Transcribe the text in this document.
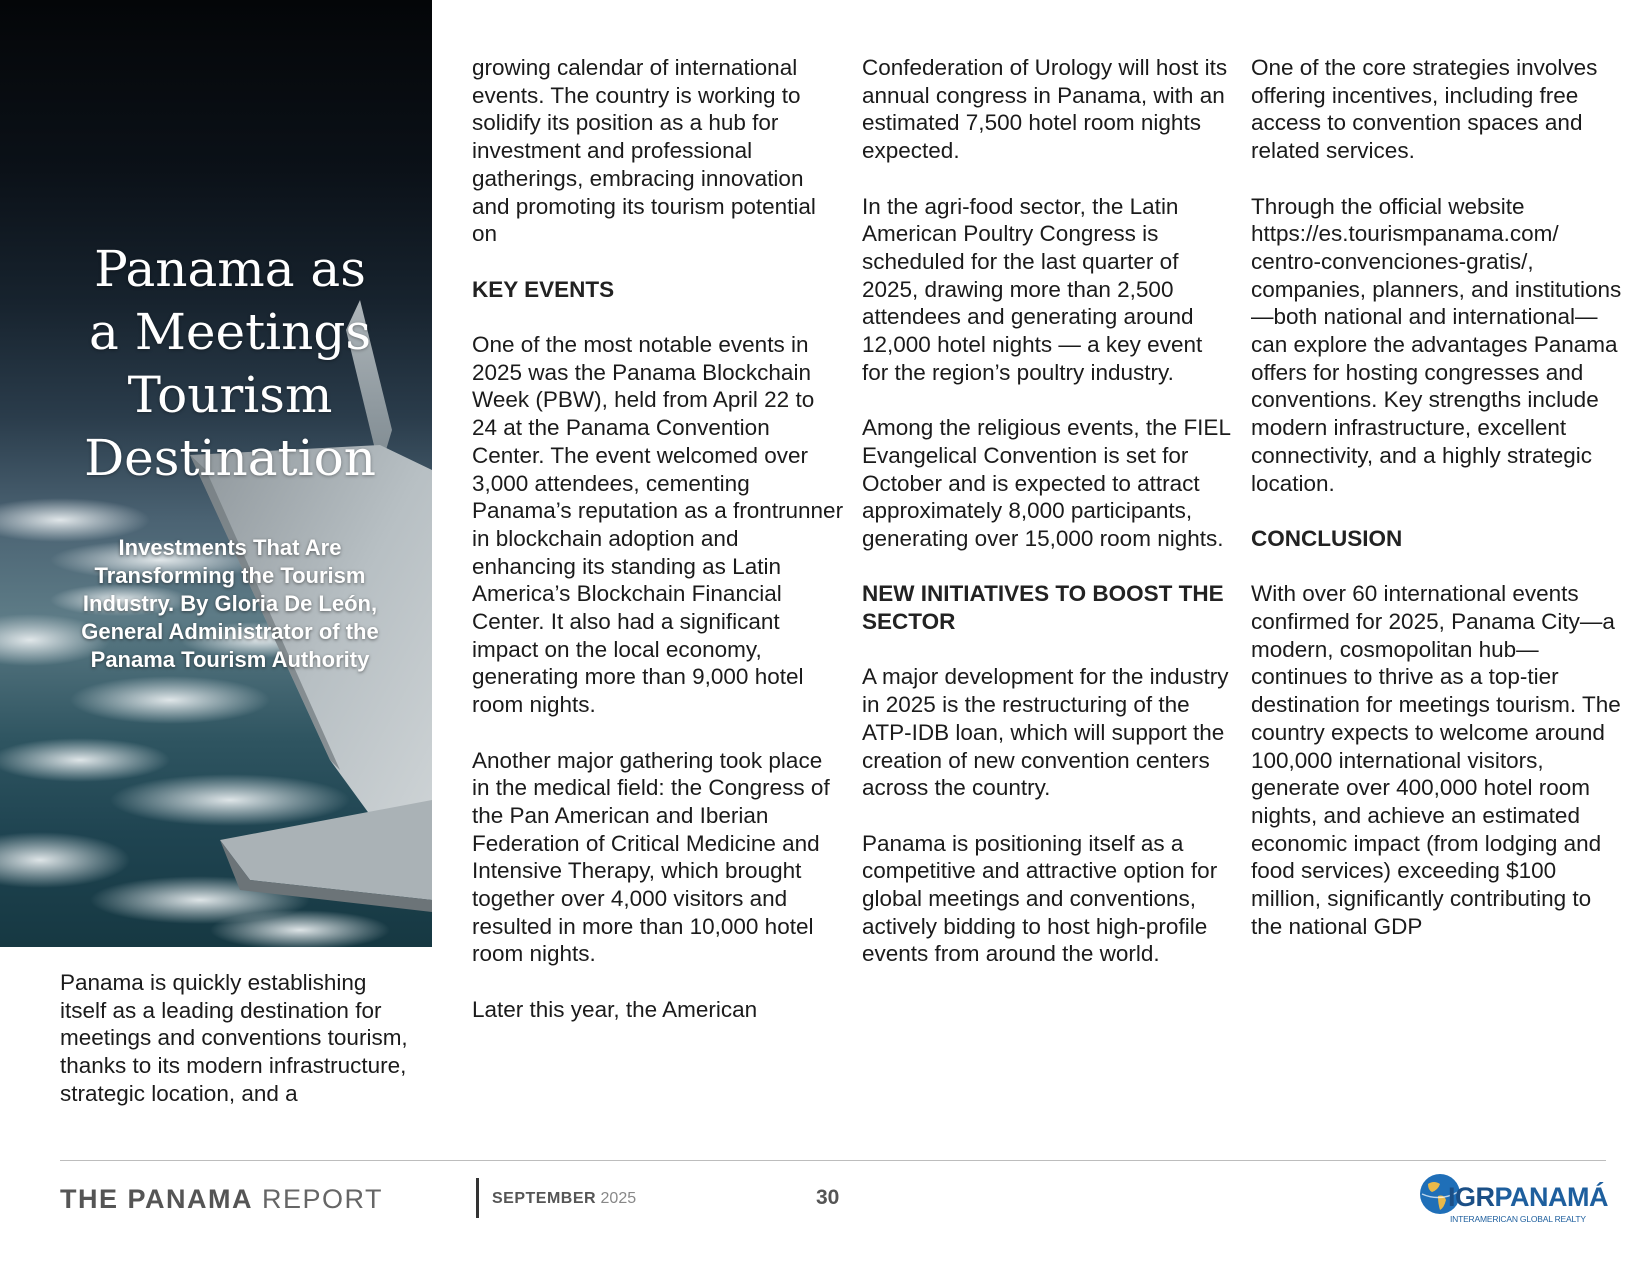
Panama as
a Meetings
Tourism
Destination

Investments That Are
Transforming the Tourism
Industry. By Gloria De León,
General Administrator of the
Panama Tourism Authority

Panama is quickly establishing itself as a leading destination for meetings and conventions tourism, thanks to its modern infrastructure, strategic location, and a

growing calendar of international events. The country is working to solidify its position as a hub for investment and professional gatherings, embracing innovation and promoting its tourism potential on

KEY EVENTS

One of the most notable events in 2025 was the Panama Blockchain Week (PBW), held from April 22 to 24 at the Panama Convention Center. The event welcomed over 3,000 attendees, cementing Panama’s reputation as a frontrunner in blockchain adoption and enhancing its standing as Latin America’s Blockchain Financial Center. It also had a significant impact on the local economy, generating more than 9,000 hotel room nights.

Another major gathering took place in the medical field: the Congress of the Pan American and Iberian Federation of Critical Medicine and Intensive Therapy, which brought together over 4,000 visitors and resulted in more than 10,000 hotel room nights.

Later this year, the American

Confederation of Urology will host its annual congress in Panama, with an estimated 7,500 hotel room nights expected.

In the agri-food sector, the Latin American Poultry Congress is scheduled for the last quarter of 2025, drawing more than 2,500 attendees and generating around 12,000 hotel nights — a key event for the region’s poultry industry.

Among the religious events, the FIEL Evangelical Convention is set for October and is expected to attract approximately 8,000 participants, generating over 15,000 room nights.

NEW INITIATIVES TO BOOST THE SECTOR

A major development for the industry in 2025 is the restructuring of the ATP-IDB loan, which will support the creation of new convention centers across the country.

Panama is positioning itself as a competitive and attractive option for global meetings and conventions, actively bidding to host high-profile events from around the world.

One of the core strategies involves offering incentives, including free access to convention spaces and related services.

Through the official website https://es.tourismpanama.com/ centro-convenciones-gratis/, companies, planners, and institutions—both national and international—can explore the advantages Panama offers for hosting congresses and conventions. Key strengths include modern infrastructure, excellent connectivity, and a highly strategic location.

CONCLUSION

With over 60 international events confirmed for 2025, Panama City—a modern, cosmopolitan hub—continues to thrive as a top-tier destination for meetings tourism. The country expects to welcome around 100,000 international visitors, generate over 400,000 hotel room nights, and achieve an estimated economic impact (from lodging and food services) exceeding $100 million, significantly contributing to the national GDP

THE PANAMA REPORT	SEPTEMBER 2025	30	IGRPANAMÁ
INTERAMERICAN GLOBAL REALTY
